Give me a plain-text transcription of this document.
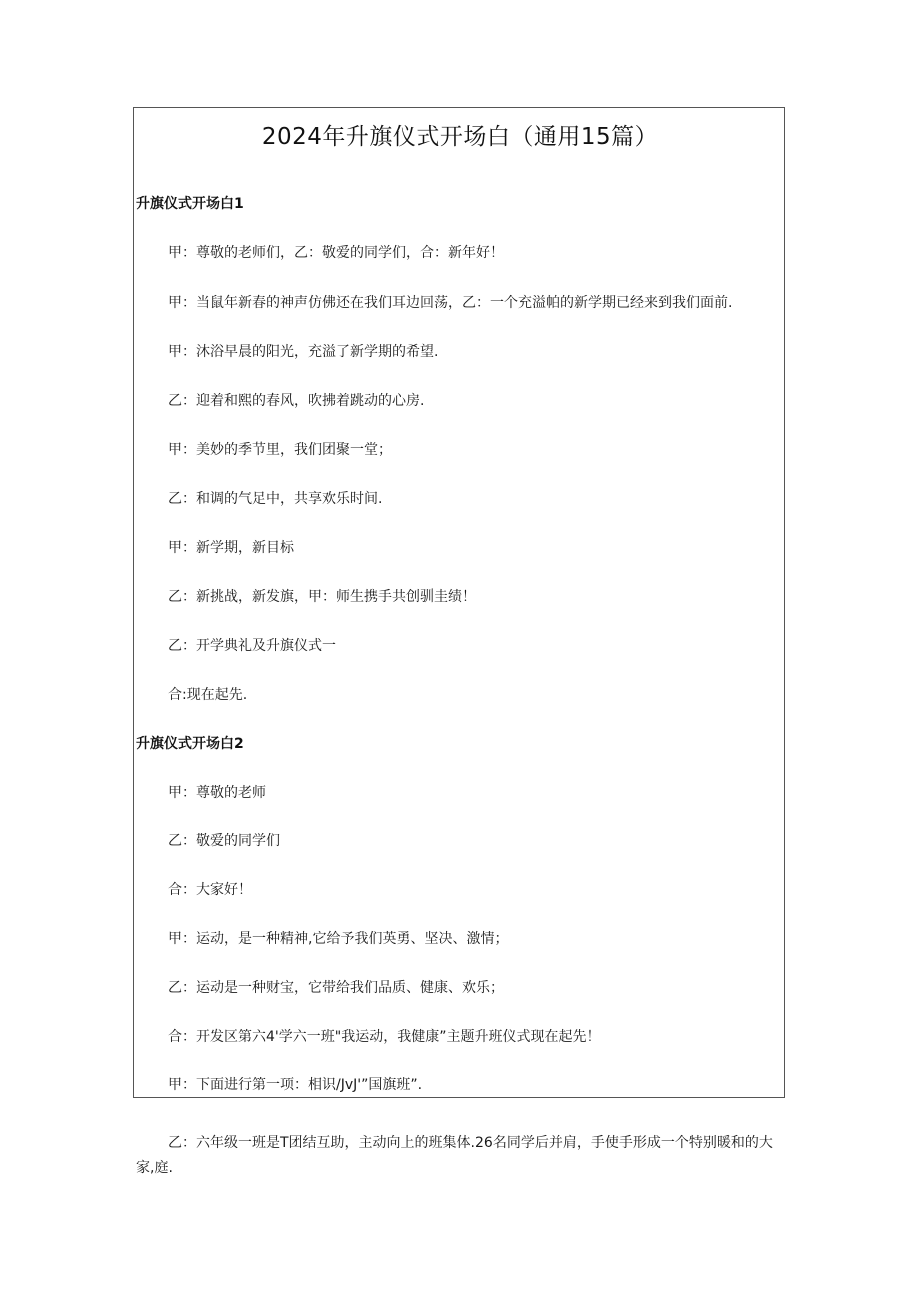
2024年升旗仪式开场白（通用15篇）
升旗仪式开场白1
甲：尊敬的老师们，乙：敬爱的同学们，合：新年好！
甲：当鼠年新春的神声仿佛还在我们耳边回荡，乙：一个充溢帕的新学期已经来到我们面前.
甲：沐浴早晨的阳光，充溢了新学期的希望.
乙：迎着和熙的春风，吹拂着跳动的心房.
甲：美妙的季节里，我们团聚一堂；
乙：和调的气足中，共享欢乐时间.
甲：新学期，新目标
乙：新挑战，新发旗，甲：师生携手共创驯圭绩！
乙：开学典礼及升旗仪式一
合:现在起先.
升旗仪式开场白2
甲：尊敬的老师
乙：敬爱的同学们
合：大家好！
甲：运动，是一种精神,它给予我们英勇、坚决、激情；
乙：运动是一种财宝，它带给我们品质、健康、欢乐；
合：开发区第六4'学六一班"我运动，我健康”主题升班仪式现在起先！
甲：下面进行第一项：相识/JvJ'”国旗班”.
乙：六年级一班是T团结互助，主动向上的班集体.26名同学后并肩，手使手形成一个特别暖和的大家,庭.
